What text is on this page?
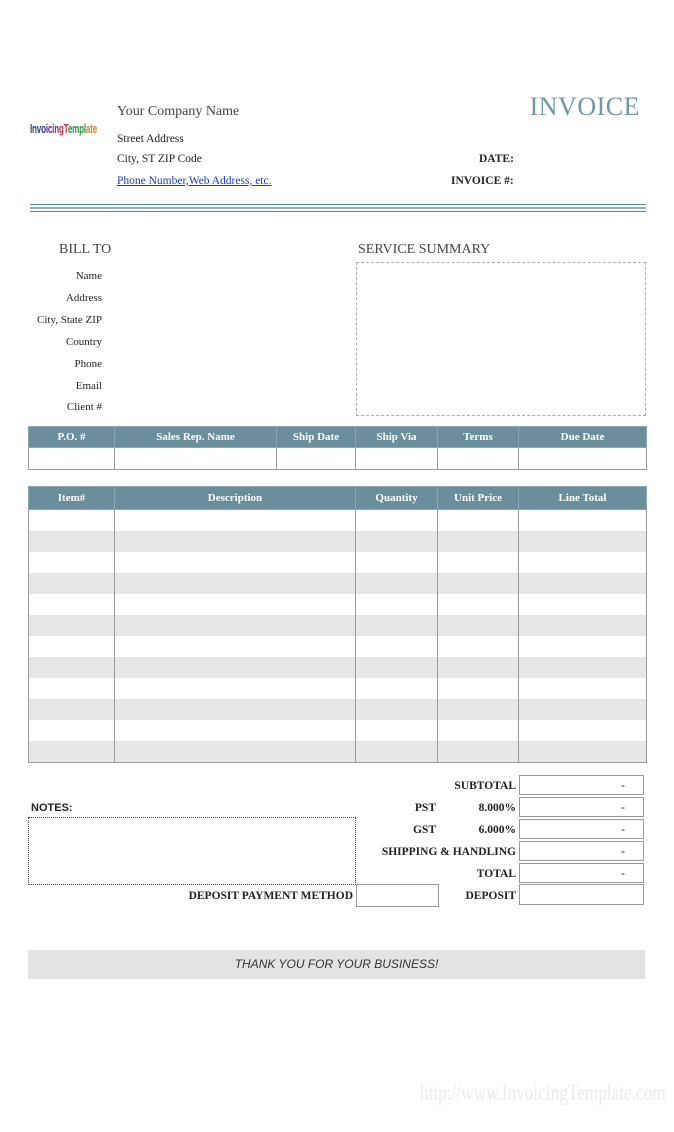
InvoicingTemplate
Your Company Name
Street Address
City, ST ZIP Code
Phone Number,Web Address, etc.
INVOICE
DATE:
INVOICE #:
BILL TO
Name
Address
City, State ZIP
Country
Phone
Email
Client #
SERVICE SUMMARY
P.O. #	Sales Rep. Name	Ship Date	Ship Via	Terms	Due Date

Item#	Description	Quantity	Unit Price	Line Total

SUBTOTAL	-
PST	8.000%	-
GST	6.000%	-
SHIPPING & HANDLING	-
TOTAL	-
DEPOSIT
NOTES:
DEPOSIT PAYMENT METHOD
THANK YOU FOR YOUR BUSINESS!
http://www.InvoicingTemplate.com
